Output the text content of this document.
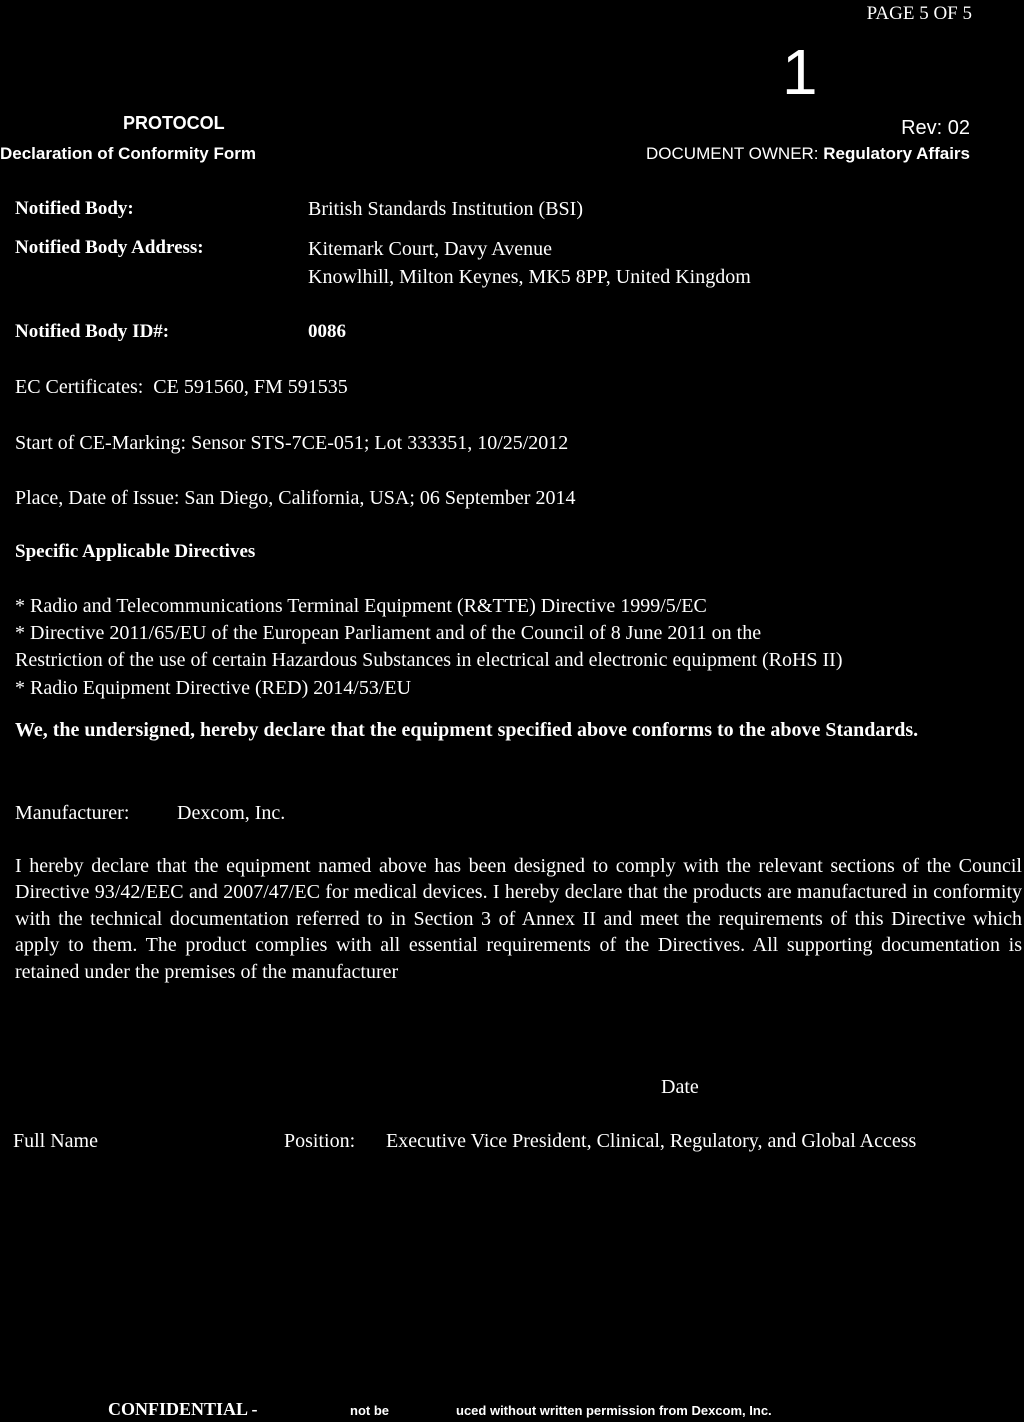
PAGE 5 OF 5
1
PROTOCOL
Declaration of Conformity Form
Rev: 02
DOCUMENT OWNER: Regulatory Affairs
Notified Body:	British Standards Institution (BSI)
Notified Body Address:	Kitemark Court, Davy Avenue
Knowlhill, Milton Keynes, MK5 8PP, United Kingdom
Notified Body ID#:	0086
EC Certificates:  CE 591560, FM 591535
Start of CE-Marking: Sensor STS-7CE-051; Lot 333351, 10/25/2012
Place, Date of Issue: San Diego, California, USA; 06 September 2014
Specific Applicable Directives
* Radio and Telecommunications Terminal Equipment (R&TTE) Directive 1999/5/EC
* Directive 2011/65/EU of the European Parliament and of the Council of 8 June 2011 on the
Restriction of the use of certain Hazardous Substances in electrical and electronic equipment (RoHS II)
* Radio Equipment Directive (RED) 2014/53/EU
We, the undersigned, hereby declare that the equipment specified above conforms to the above Standards.
Manufacturer: Dexcom, Inc.
I hereby declare that the equipment named above has been designed to comply with the relevant sections of the Council Directive 93/42/EEC and 2007/47/EC for medical devices. I hereby declare that the products are manufactured in conformity with the technical documentation referred to in Section 3 of Annex II and meet the requirements of this Directive which apply to them. The product complies with all essential requirements of the Directives. All supporting documentation is retained under the premises of the manufacturer
Date
Full Name	Position: Executive Vice President, Clinical, Regulatory, and Global Access
CONFIDENTIAL -	not be	uced without written permission from Dexcom, Inc.
